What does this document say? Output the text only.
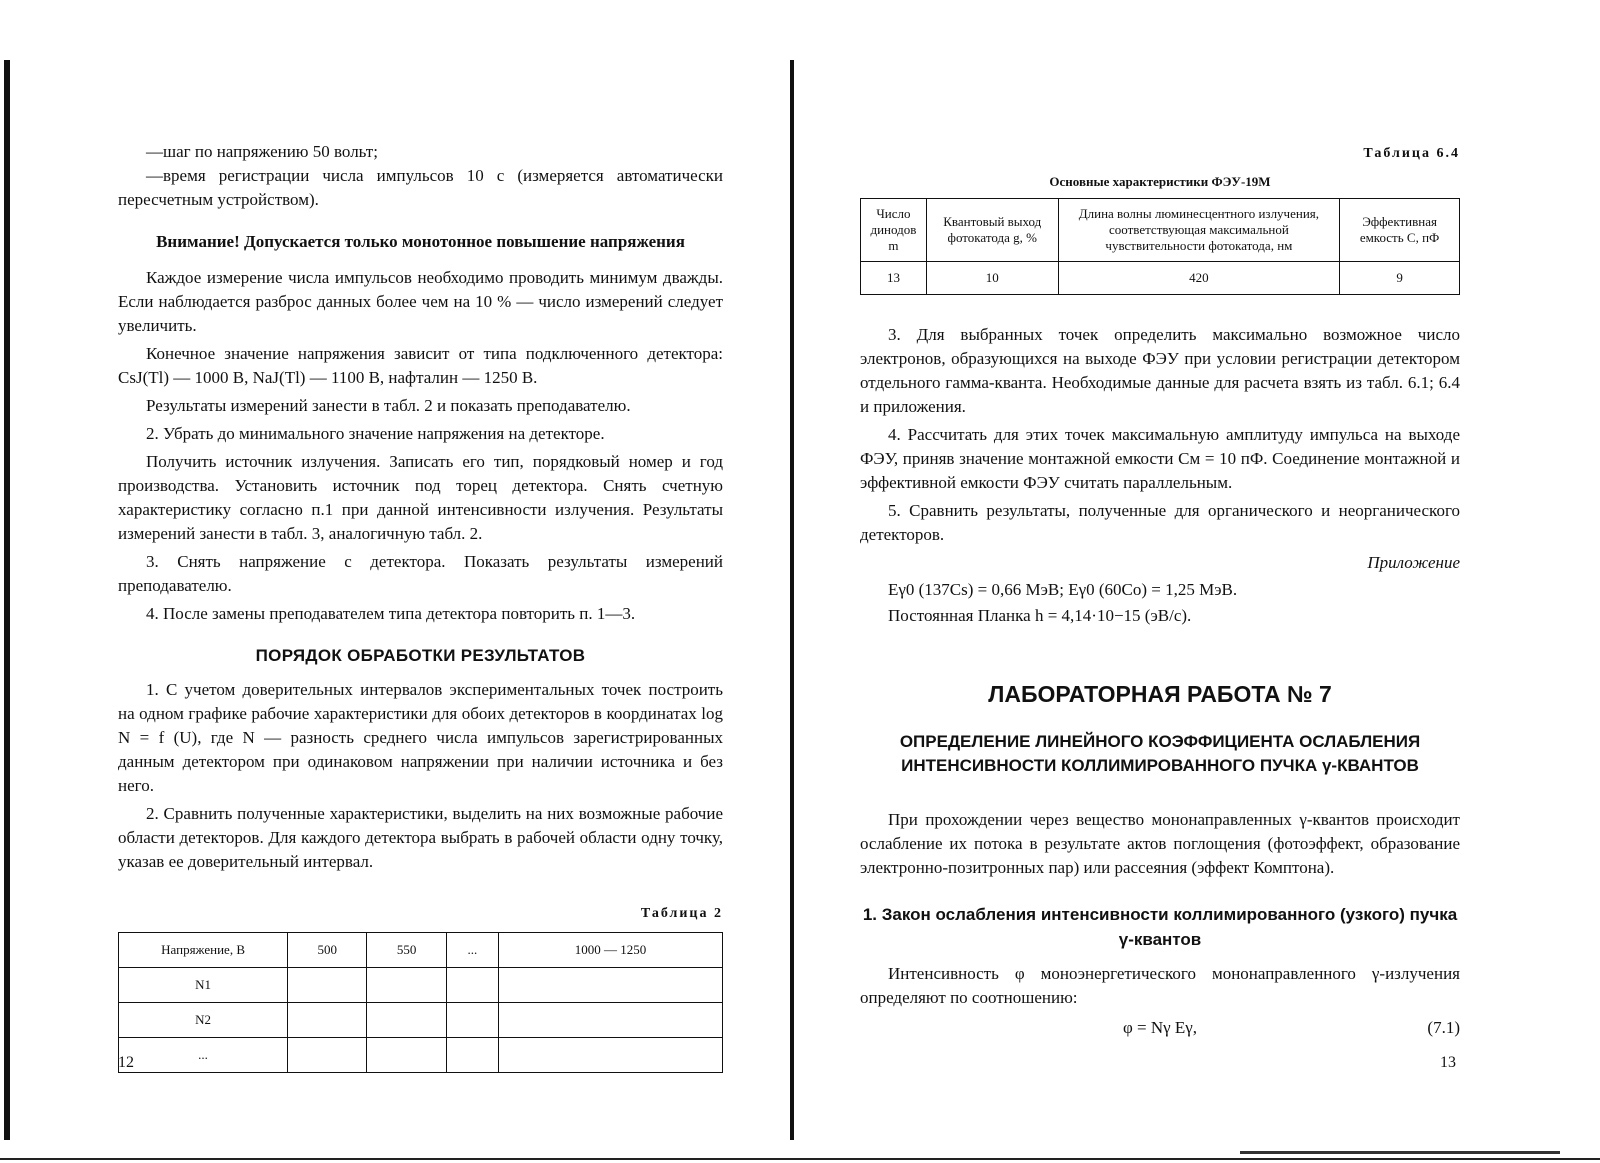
—шаг по напряжению 50 вольт;

—время регистрации числа импульсов 10 с (измеряется автоматически пересчетным устройством).

Внимание! Допускается только монотонное повышение напряжения

Каждое измерение числа импульсов необходимо проводить минимум дважды. Если наблюдается разброс данных более чем на 10 % — число измерений следует увеличить.

Конечное значение напряжения зависит от типа подключенного детектора: CsJ(Tl) — 1000 В, NaJ(Tl) — 1100 В, нафталин — 1250 В.

Результаты измерений занести в табл. 2 и показать преподавателю.

2. Убрать до минимального значение напряжения на детекторе.

Получить источник излучения. Записать его тип, порядковый номер и год производства. Установить источник под торец детектора. Снять счетную характеристику согласно п.1 при данной интенсивности излучения. Результаты измерений занести в табл. 3, аналогичную табл. 2.

3. Снять напряжение с детектора. Показать результаты измерений преподавателю.

4. После замены преподавателем типа детектора повторить п. 1—3.

ПОРЯДОК ОБРАБОТКИ РЕЗУЛЬТАТОВ

1. С учетом доверительных интервалов экспериментальных точек построить на одном графике рабочие характеристики для обоих детекторов в координатах log N = f (U), где N — разность среднего числа импульсов зарегистрированных данным детектором при одинаковом напряжении при наличии источника и без него.

2. Сравнить полученные характеристики, выделить на них возможные рабочие области детекторов. Для каждого детектора выбрать в рабочей области одну точку, указав ее доверительный интервал.

Таблица 2
Напряжение, В	500	550	...	1000 — 1250
N1				
N2				
...				
12
Таблица 6.4
Основные характеристики ФЭУ-19М
Число динодов m	Квантовый выход фотокатода g, %	Длина волны люминесцентного излучения, соответствующая максимальной чувствительности фотокатода, нм	Эффективная емкость C, пФ
13	10	420	9

3. Для выбранных точек определить максимально возможное число электронов, образующихся на выходе ФЭУ при условии регистрации детектором отдельного гамма-кванта. Необходимые данные для расчета взять из табл. 6.1; 6.4 и приложения.

4. Рассчитать для этих точек максимальную амплитуду импульса на выходе ФЭУ, приняв значение монтажной емкости Cм = 10 пФ. Соединение монтажной и эффективной емкости ФЭУ считать параллельным.

5. Сравнить результаты, полученные для органического и неорганического детекторов.

Приложение
Eγ0 (137Cs) = 0,66 МэВ; Eγ0 (60Co) = 1,25 МэВ.
Постоянная Планка h = 4,14·10−15 (эВ/с).
ЛАБОРАТОРНАЯ РАБОТА № 7
ОПРЕДЕЛЕНИЕ ЛИНЕЙНОГО КОЭФФИЦИЕНТА ОСЛАБЛЕНИЯ ИНТЕНСИВНОСТИ КОЛЛИМИРОВАННОГО ПУЧКА γ-КВАНТОВ

При прохождении через вещество мононаправленных γ-квантов происходит ослабление их потока в результате актов поглощения (фотоэффект, образование электронно-позитронных пар) или рассеяния (эффект Комптона).

1. Закон ослабления интенсивности коллимированного (узкого) пучка γ-квантов

Интенсивность φ моноэнергетического мононаправленного γ-излучения определяют по соотношению:

φ = Nγ Eγ,	(7.1)
13
